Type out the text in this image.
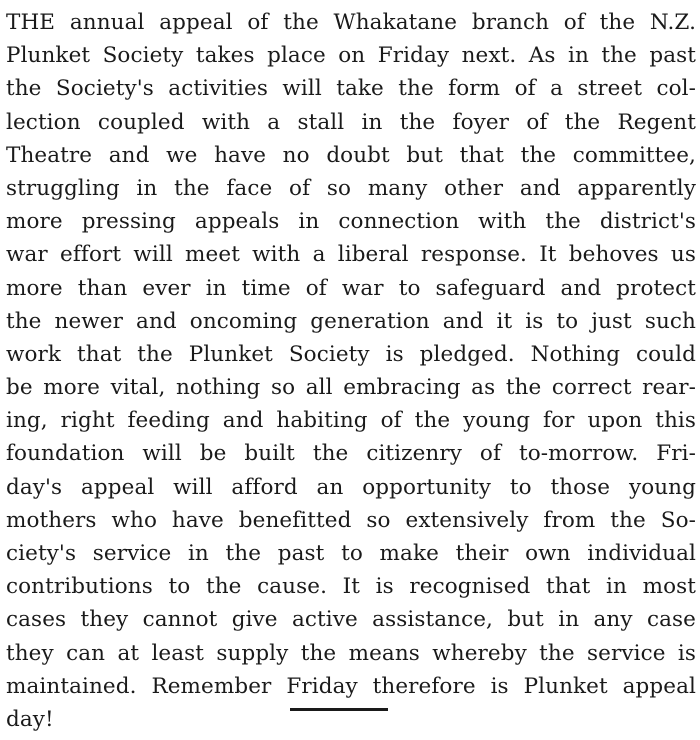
THE annual appeal of the Whakatane branch of the N.Z.
Plunket Society takes place on Friday next. As in the past
the Society's activities will take the form of a street col-
lection coupled with a stall in the foyer of the Regent
Theatre and we have no doubt but that the committee,
struggling in the face of so many other and apparently
more pressing appeals in connection with the district's
war effort will meet with a liberal response. It behoves us
more than ever in time of war to safeguard and protect
the newer and oncoming generation and it is to just such
work that the Plunket Society is pledged. Nothing could
be more vital, nothing so all embracing as the correct rear-
ing, right feeding and habiting of the young for upon this
foundation will be built the citizenry of to-morrow. Fri-
day's appeal will afford an opportunity to those young
mothers who have benefitted so extensively from the So-
ciety's service in the past to make their own individual
contributions to the cause. It is recognised that in most
cases they cannot give active assistance, but in any case
they can at least supply the means whereby the service is
maintained. Remember Friday therefore is Plunket appeal
day!
